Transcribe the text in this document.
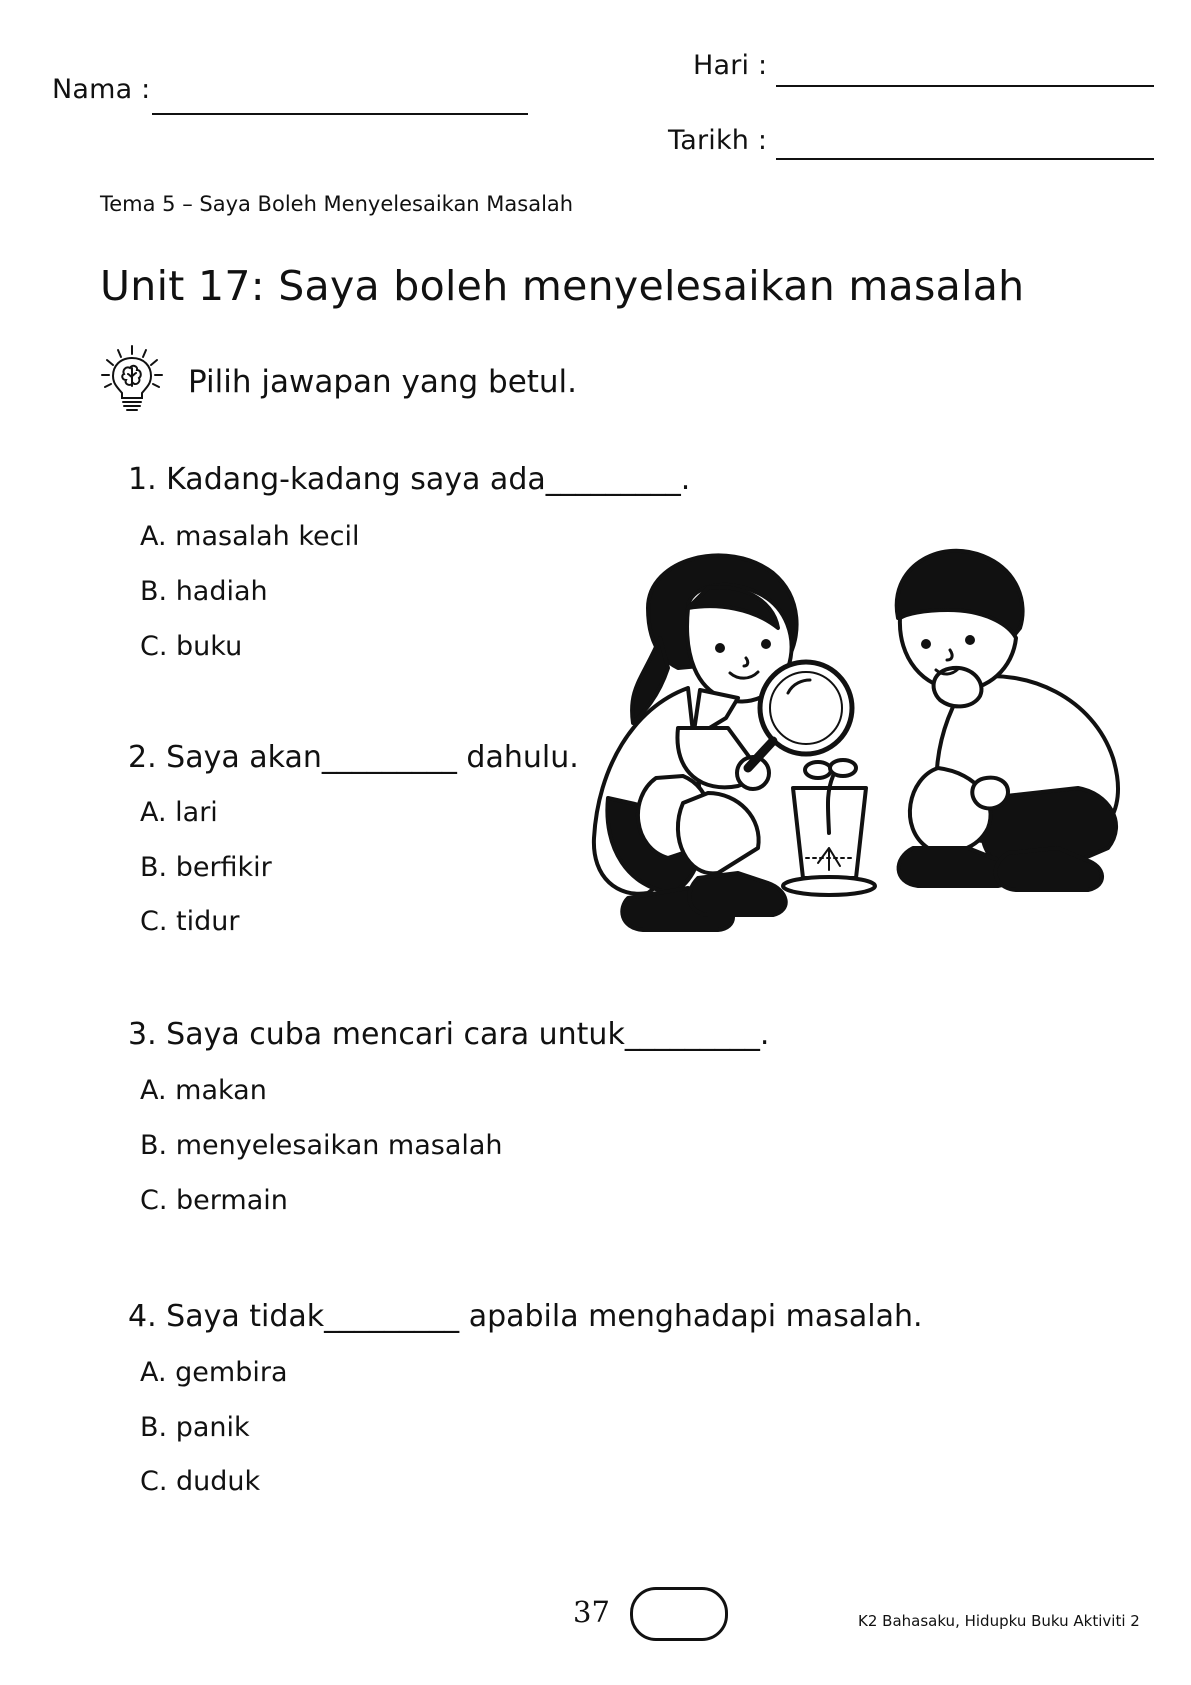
Nama :
Hari :
Tarikh :
Tema 5 – Saya Boleh Menyelesaikan Masalah
Unit 17: Saya boleh menyelesaikan masalah
Pilih jawapan yang betul.
1. Kadang-kadang saya ada_________.
A. masalah kecil
B. hadiah
C. buku
2. Saya akan_________ dahulu.
A. lari
B. berfikir
C. tidur
3. Saya cuba mencari cara untuk_________.
A. makan
B. menyelesaikan masalah
C. bermain
4. Saya tidak_________ apabila menghadapi masalah.
A. gembira
B. panik
C. duduk
37	K2 Bahasaku, Hidupku Buku Aktiviti 2
